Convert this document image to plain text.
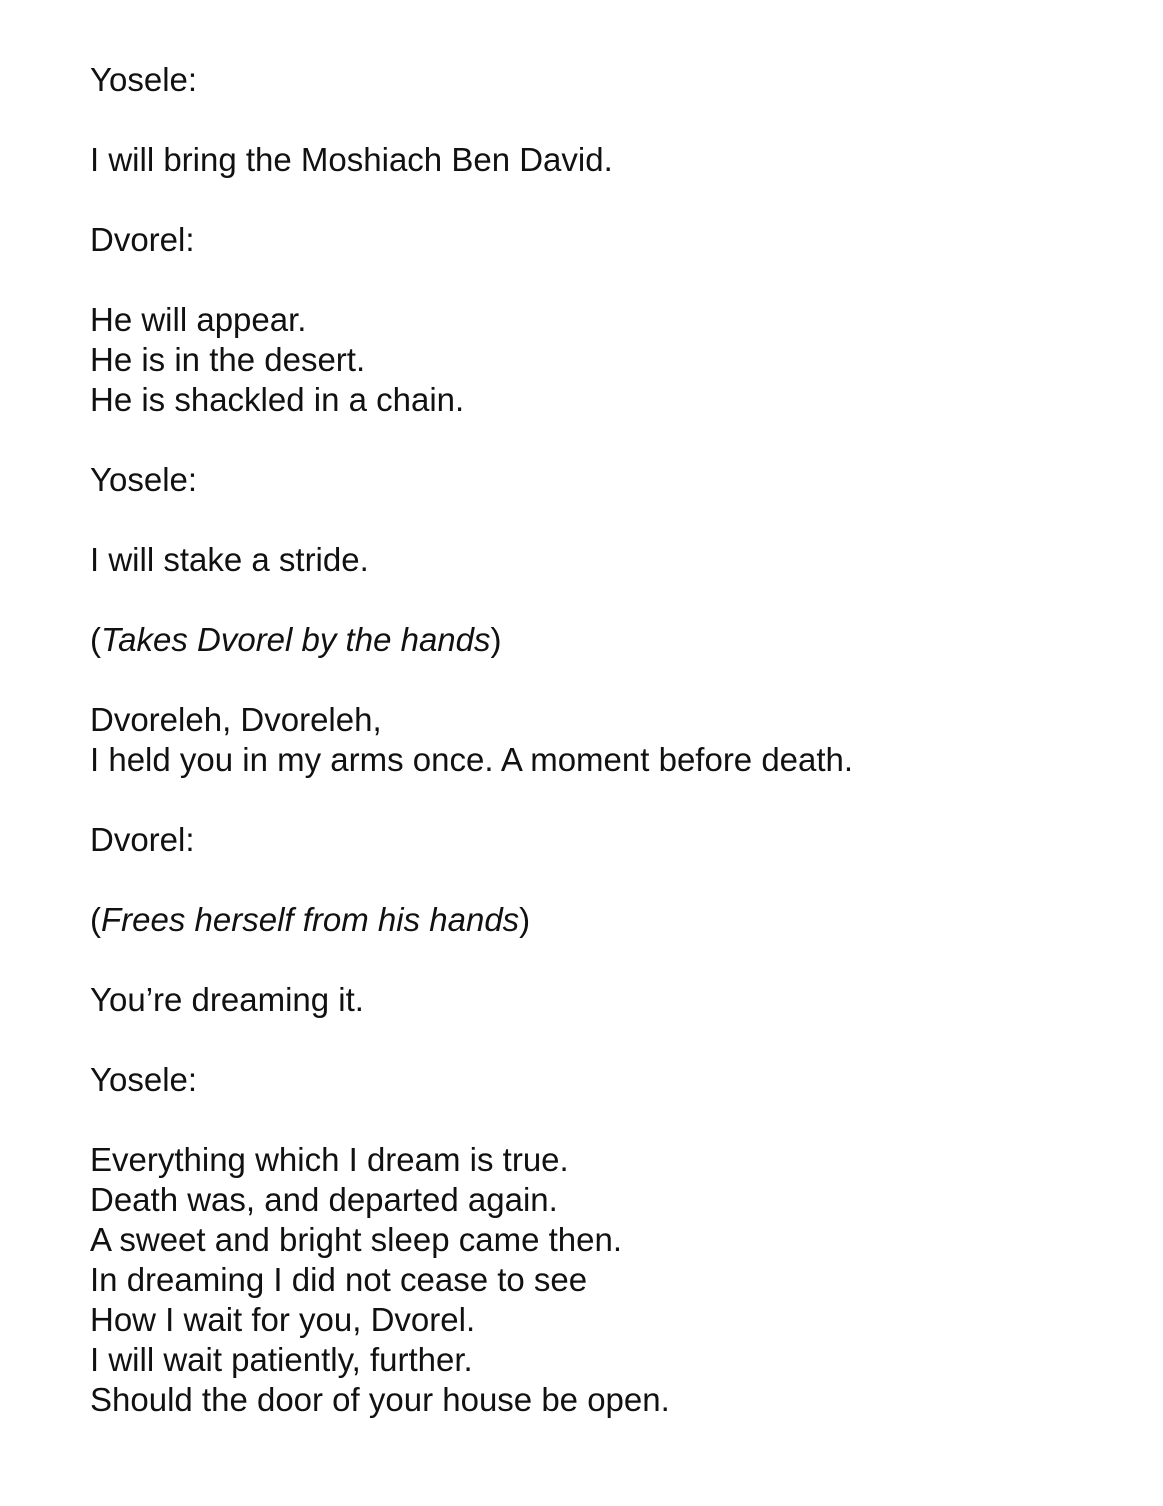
Yosele:

I will bring the Moshiach Ben David.

Dvorel:

He will appear.
He is in the desert.
He is shackled in a chain.

Yosele:

I will stake a stride.

(Takes Dvorel by the hands)

Dvoreleh, Dvoreleh,
I held you in my arms once. A moment before death.

Dvorel:

(Frees herself from his hands)

You’re dreaming it.

Yosele:

Everything which I dream is true.
Death was, and departed again.
A sweet and bright sleep came then.
In dreaming I did not cease to see
How I wait for you, Dvorel.
I will wait patiently, further.
Should the door of your house be open.
